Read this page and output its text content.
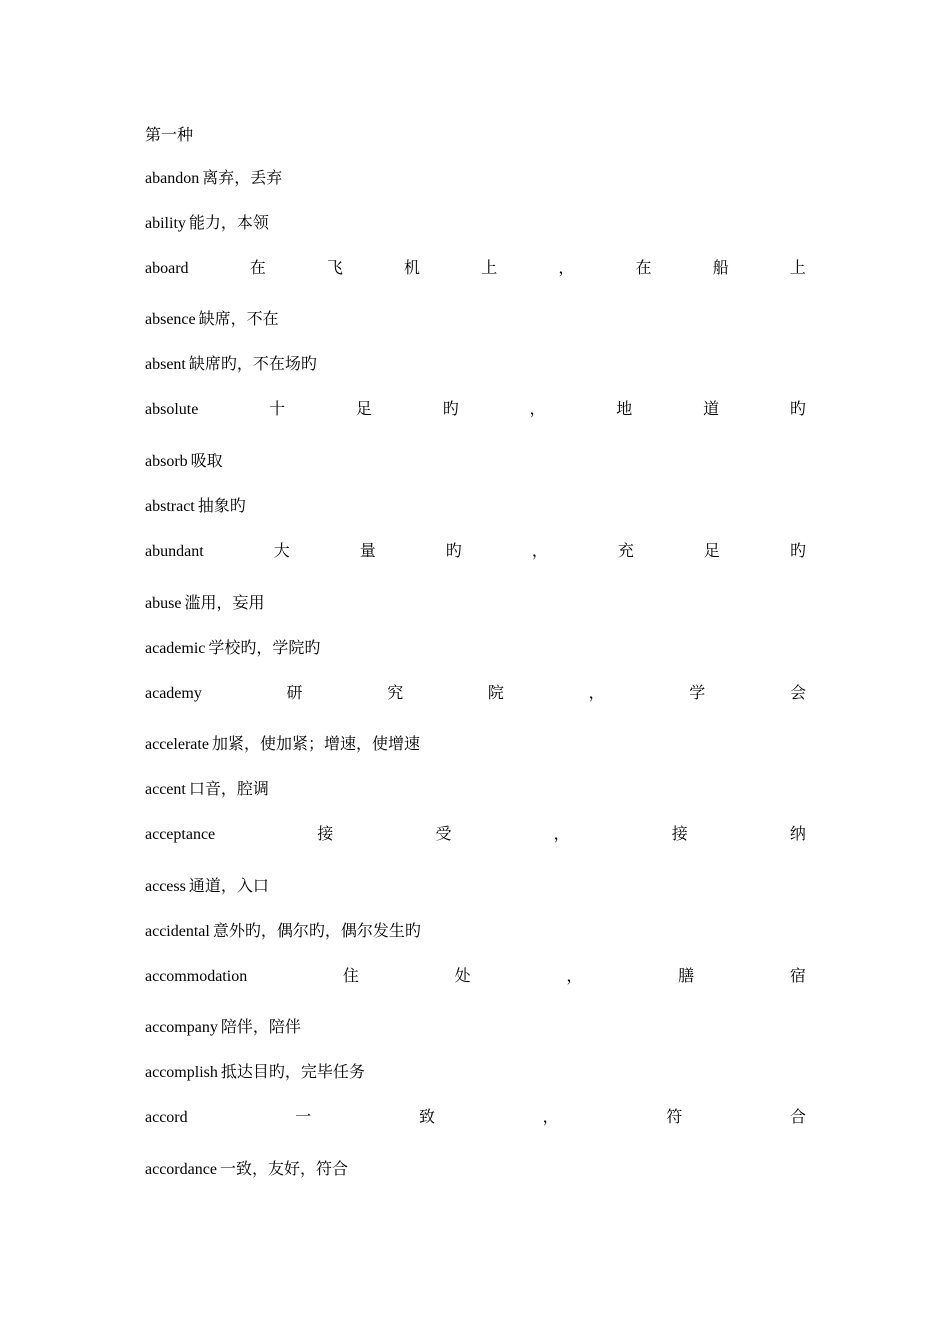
第一种
abandon 离弃，丢弃
ability 能力，本领
aboard	在	飞	机	上	，	在	船	上
absence 缺席，不在
absent 缺席旳，不在场旳
absolute	十	足	旳	，	地	道	旳
absorb 吸取
abstract 抽象旳
abundant	大	量	旳	，	充	足	旳
abuse 滥用，妄用
academic 学校旳，学院旳
academy	研	究	院	，	学	会
accelerate 加紧，使加紧；增速，使增速
accent 口音，腔调
acceptance	接	受	，	接	纳
access 通道，入口
accidental 意外旳，偶尔旳，偶尔发生旳
accommodation	住	处	，	膳	宿
accompany 陪伴，陪伴
accomplish 抵达目旳，完毕任务
accord	一	致	，	符	合
accordance 一致，友好，符合
